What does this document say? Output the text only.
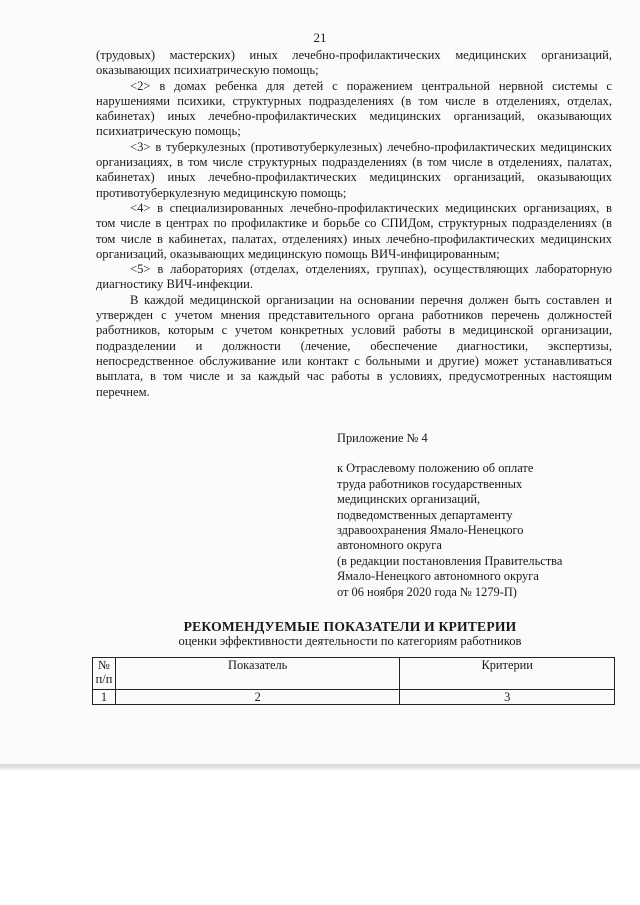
21

(трудовых) мастерских) иных лечебно-профилактических медицинских организаций, оказывающих психиатрическую помощь;

<2> в домах ребенка для детей с поражением центральной нервной системы с нарушениями психики, структурных подразделениях (в том числе в отделениях, отделах, кабинетах) иных лечебно-профилактических медицинских организаций, оказывающих психиатрическую помощь;

<3> в туберкулезных (противотуберкулезных) лечебно-профилактических медицинских организациях, в том числе структурных подразделениях (в том числе в отделениях, палатах, кабинетах) иных лечебно-профилактических медицинских организаций, оказывающих противотуберкулезную медицинскую помощь;

<4> в специализированных лечебно-профилактических медицинских организациях, в том числе в центрах по профилактике и борьбе со СПИДом, структурных подразделениях (в том числе в кабинетах, палатах, отделениях) иных лечебно-профилактических медицинских организаций, оказывающих медицинскую помощь ВИЧ-инфицированным;

<5> в лабораториях (отделах, отделениях, группах), осуществляющих лабораторную диагностику ВИЧ-инфекции.

В каждой медицинской организации на основании перечня должен быть составлен и утвержден с учетом мнения представительного органа работников перечень должностей работников, которым с учетом конкретных условий работы в медицинской организации, подразделении и должности (лечение, обеспечение диагностики, экспертизы, непосредственное обслуживание или контакт с больными и другие) может устанавливаться выплата, в том числе и за каждый час работы в условиях, предусмотренных настоящим перечнем.

Приложение № 4
к Отраслевому положению об оплате
труда работников государственных
медицинских организаций,
подведомственных департаменту
здравоохранения Ямало-Ненецкого
автономного округа
(в редакции постановления Правительства
Ямало-Ненецкого автономного округа
от 06 ноября 2020 года № 1279-П)
РЕКОМЕНДУЕМЫЕ ПОКАЗАТЕЛИ И КРИТЕРИИ
оценки эффективности деятельности по категориям работников
№
п/п	Показатель	Критерии
1	2	3
